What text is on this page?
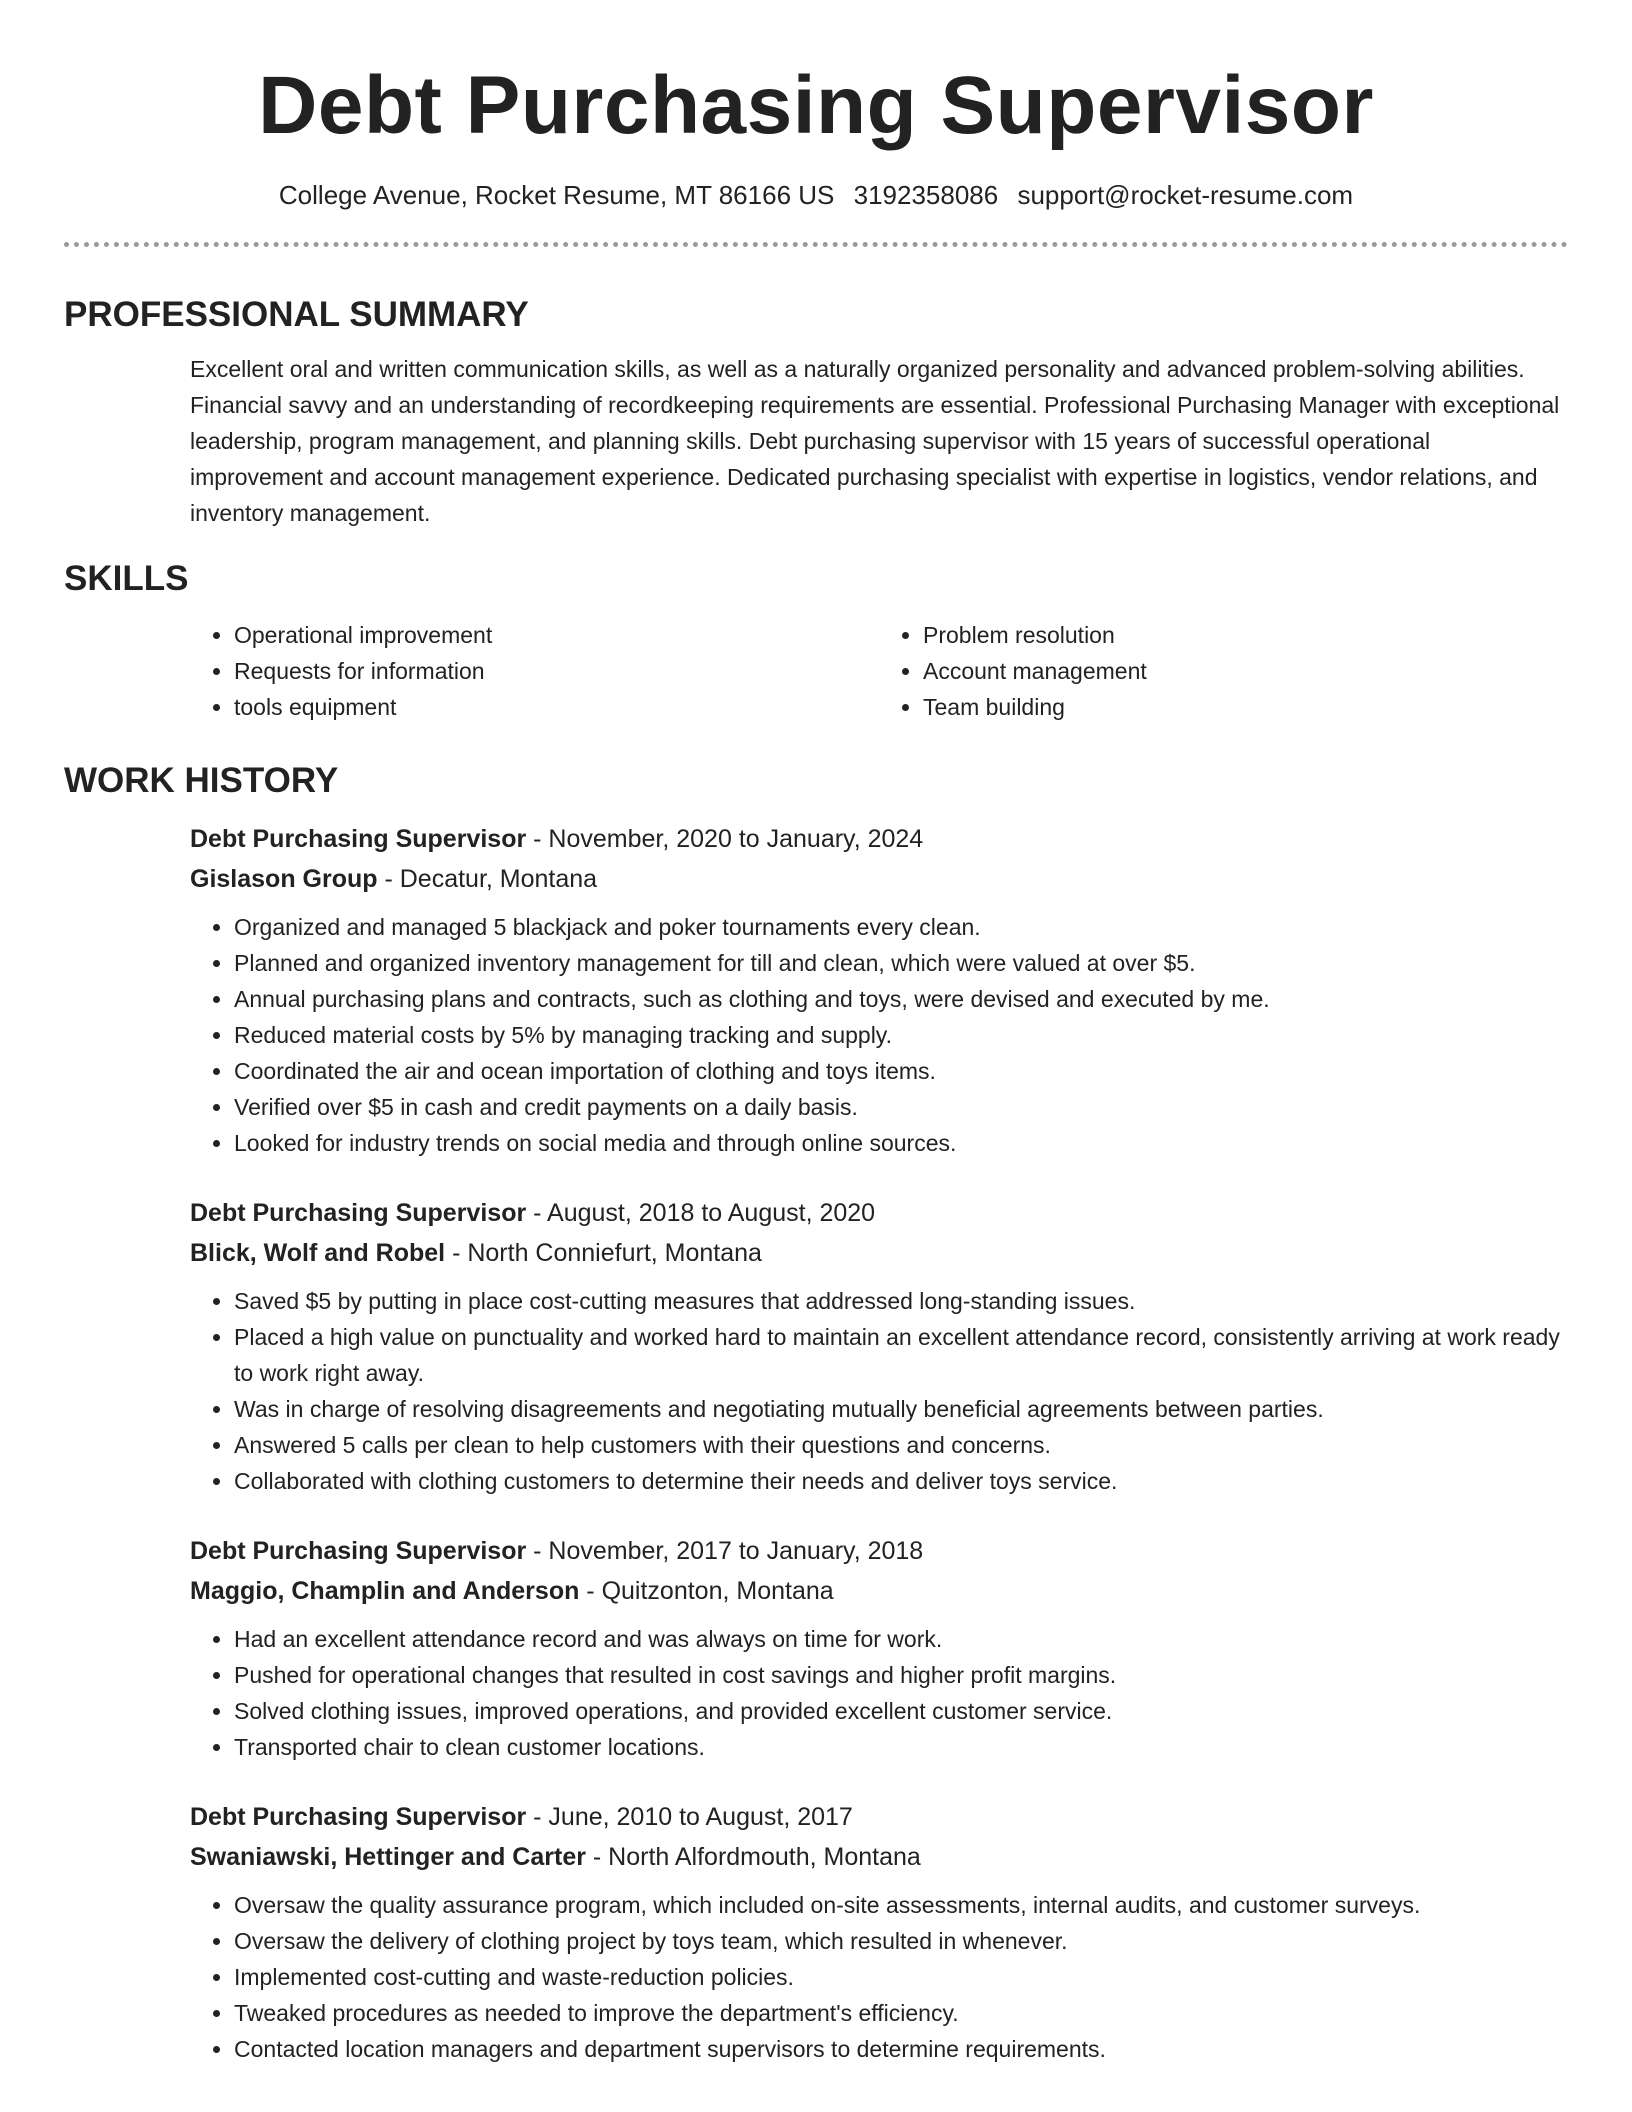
Debt Purchasing Supervisor
College Avenue, Rocket Resume, MT 86166 US 3192358086 support@rocket-resume.com
PROFESSIONAL SUMMARY

Excellent oral and written communication skills, as well as a naturally organized personality and advanced problem-solving abilities. Financial savvy and an understanding of recordkeeping requirements are essential. Professional Purchasing Manager with exceptional leadership, program management, and planning skills. Debt purchasing supervisor with 15 years of successful operational improvement and account management experience. Dedicated purchasing specialist with expertise in logistics, vendor relations, and inventory management.

SKILLS
• Operational improvement
• Requests for information
• tools equipment
• Problem resolution
• Account management
• Team building
WORK HISTORY
Debt Purchasing Supervisor - November, 2020 to January, 2024
Gislason Group - Decatur, Montana
• Organized and managed 5 blackjack and poker tournaments every clean.
• Planned and organized inventory management for till and clean, which were valued at over $5.
• Annual purchasing plans and contracts, such as clothing and toys, were devised and executed by me.
• Reduced material costs by 5% by managing tracking and supply.
• Coordinated the air and ocean importation of clothing and toys items.
• Verified over $5 in cash and credit payments on a daily basis.
• Looked for industry trends on social media and through online sources.
Debt Purchasing Supervisor - August, 2018 to August, 2020
Blick, Wolf and Robel - North Conniefurt, Montana
• Saved $5 by putting in place cost-cutting measures that addressed long-standing issues.
• Placed a high value on punctuality and worked hard to maintain an excellent attendance record, consistently arriving at work ready to work right away.
• Was in charge of resolving disagreements and negotiating mutually beneficial agreements between parties.
• Answered 5 calls per clean to help customers with their questions and concerns.
• Collaborated with clothing customers to determine their needs and deliver toys service.
Debt Purchasing Supervisor - November, 2017 to January, 2018
Maggio, Champlin and Anderson - Quitzonton, Montana
• Had an excellent attendance record and was always on time for work.
• Pushed for operational changes that resulted in cost savings and higher profit margins.
• Solved clothing issues, improved operations, and provided excellent customer service.
• Transported chair to clean customer locations.
Debt Purchasing Supervisor - June, 2010 to August, 2017
Swaniawski, Hettinger and Carter - North Alfordmouth, Montana
• Oversaw the quality assurance program, which included on-site assessments, internal audits, and customer surveys.
• Oversaw the delivery of clothing project by toys team, which resulted in whenever.
• Implemented cost-cutting and waste-reduction policies.
• Tweaked procedures as needed to improve the department's efficiency.
• Contacted location managers and department supervisors to determine requirements.
